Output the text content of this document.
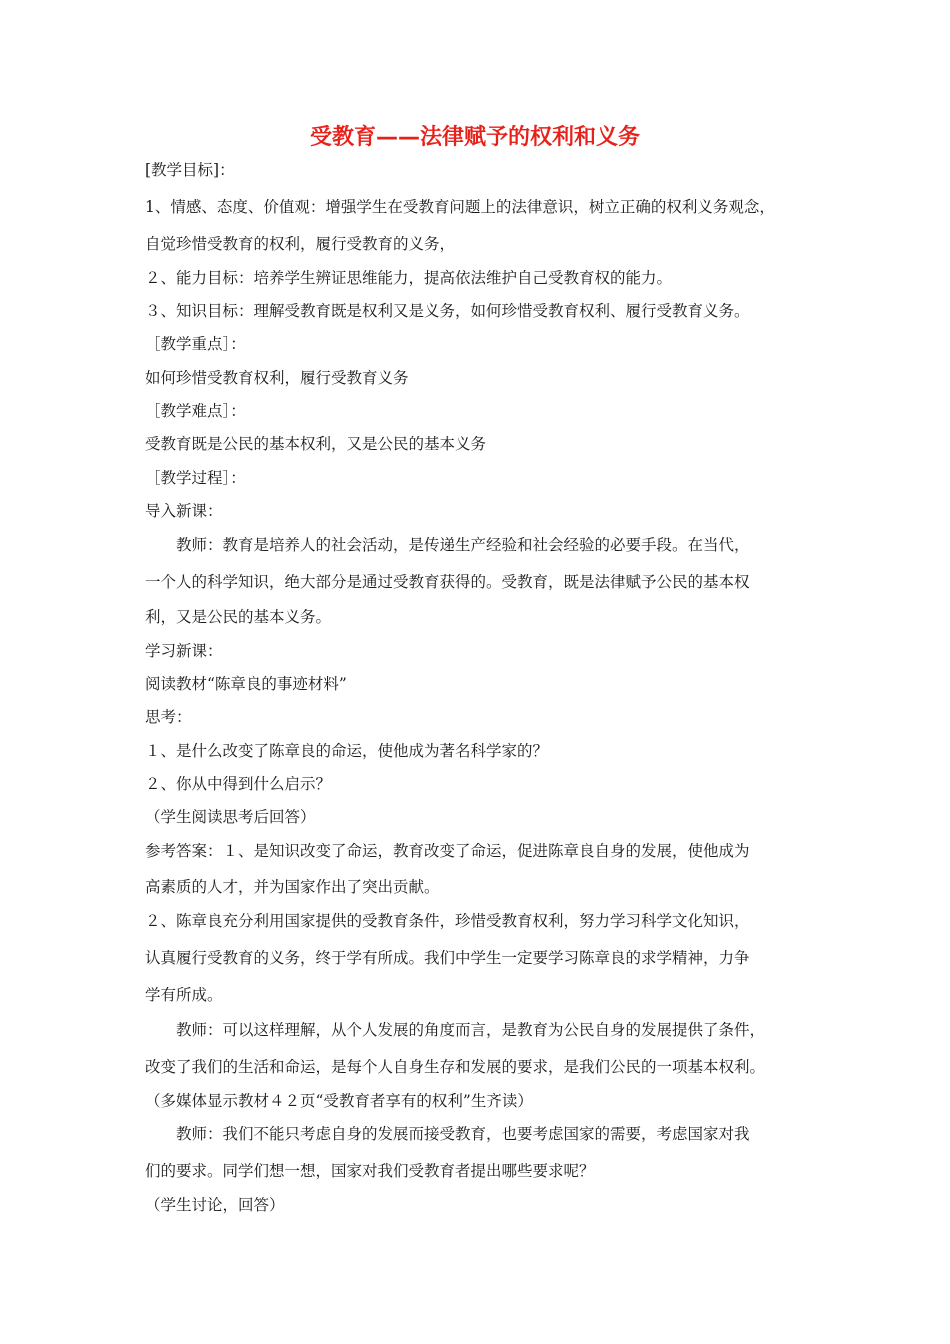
受教育——法律赋予的权利和义务
[教学目标]：
1、情感、态度、价值观：增强学生在受教育问题上的法律意识，树立正确的权利义务观念，
自觉珍惜受教育的权利，履行受教育的义务，
２、能力目标：培养学生辨证思维能力，提高依法维护自己受教育权的能力。
３、知识目标：理解受教育既是权利又是义务，如何珍惜受教育权利、履行受教育义务。
［教学重点］：
如何珍惜受教育权利，履行受教育义务
［教学难点］：
受教育既是公民的基本权利，又是公民的基本义务
［教学过程］：
导入新课：
教师：教育是培养人的社会活动，是传递生产经验和社会经验的必要手段。在当代，
一个人的科学知识，绝大部分是通过受教育获得的。受教育，既是法律赋予公民的基本权
利，又是公民的基本义务。
学习新课：
阅读教材“陈章良的事迹材料”
思考：
１、是什么改变了陈章良的命运，使他成为著名科学家的？
２、你从中得到什么启示？
（学生阅读思考后回答）
参考答案：１、是知识改变了命运，教育改变了命运，促进陈章良自身的发展，使他成为
高素质的人才，并为国家作出了突出贡献。
２、陈章良充分利用国家提供的受教育条件，珍惜受教育权利，努力学习科学文化知识，
认真履行受教育的义务，终于学有所成。我们中学生一定要学习陈章良的求学精神，力争
学有所成。
教师：可以这样理解，从个人发展的角度而言，是教育为公民自身的发展提供了条件，
改变了我们的生活和命运，是每个人自身生存和发展的要求，是我们公民的一项基本权利。
（多媒体显示教材４２页“受教育者享有的权利”生齐读）
教师：我们不能只考虑自身的发展而接受教育，也要考虑国家的需要，考虑国家对我
们的要求。同学们想一想，国家对我们受教育者提出哪些要求呢？
（学生讨论，回答）
